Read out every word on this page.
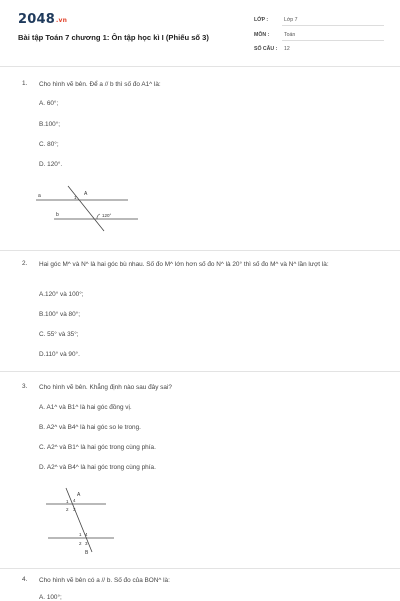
2048.vn
Bài tập Toán 7 chương 1: Ôn tập học kì I (Phiếu số 3)
LỚP :	Lớp 7
MÔN :	Toán
SỐ CÂU : 12
1. Cho hình vẽ bên. Để a // b thì số đo A1^ là:
A. 60°;
B.100°;
C. 80°;
D. 120°.
a
b
A
1
120°
2. Hai góc M^ và N^ là hai góc bù nhau. Số đo M^ lớn hơn số đo N^ là 20° thì số đo M^ và N^ lần lượt là:
A.120° và 100°;
B.100° và 80°;
C. 55° và 35°;
D.110° và 90°.
3. Cho hình vẽ bên. Khẳng định nào sau đây sai?
A. A1^ và B1^ là hai góc đồng vị.
B. A2^ và B4^ là hai góc so le trong.
C. A2^ và B1^ là hai góc trong cùng phía.
D. A2^ và B4^ là hai góc trong cùng phía.
A
1 4
2 3
1 4
2 3
B
4. Cho hình vẽ bên có a // b. Số đo của BON^ là:
A. 100°;
